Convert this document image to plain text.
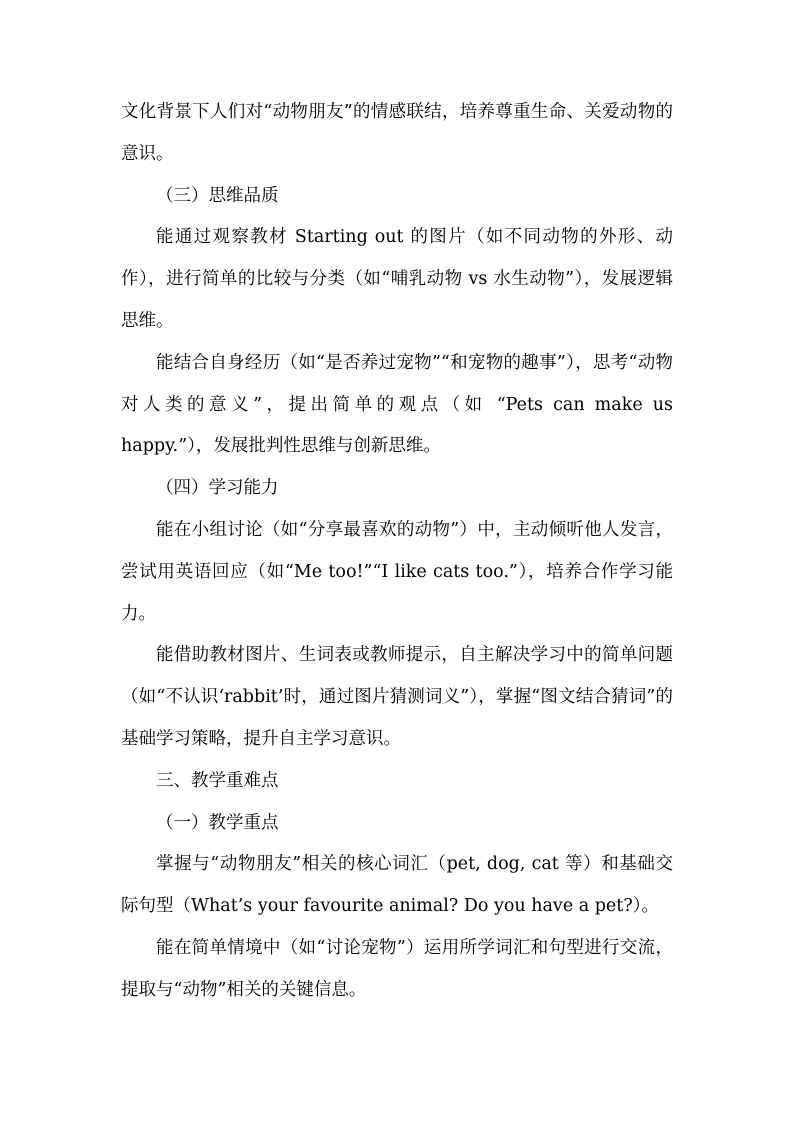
文化背景下人们对“动物朋友”的情感联结，培养尊重生命、关爱动物的意识。

（三）思维品质

能通过观察教材 Starting out 的图片（如不同动物的外形、动作），进行简单的比较与分类（如“哺乳动物 vs 水生动物”），发展逻辑思维。

能结合自身经历（如“是否养过宠物”“和宠物的趣事”），思考“动物对人类的意义”，提出简单的观点（如 “Pets can make us happy.”），发展批判性思维与创新思维。

（四）学习能力

能在小组讨论（如“分享最喜欢的动物”）中，主动倾听他人发言，尝试用英语回应（如“Me too!”“I like cats too.”），培养合作学习能力。

能借助教材图片、生词表或教师提示，自主解决学习中的简单问题（如“不认识‘rabbit’时，通过图片猜测词义”），掌握“图文结合猜词”的基础学习策略，提升自主学习意识。

三、教学重难点

（一）教学重点

掌握与“动物朋友”相关的核心词汇（pet, dog, cat 等）和基础交际句型（What’s your favourite animal? Do you have a pet?）。

能在简单情境中（如“讨论宠物”）运用所学词汇和句型进行交流，提取与“动物”相关的关键信息。
